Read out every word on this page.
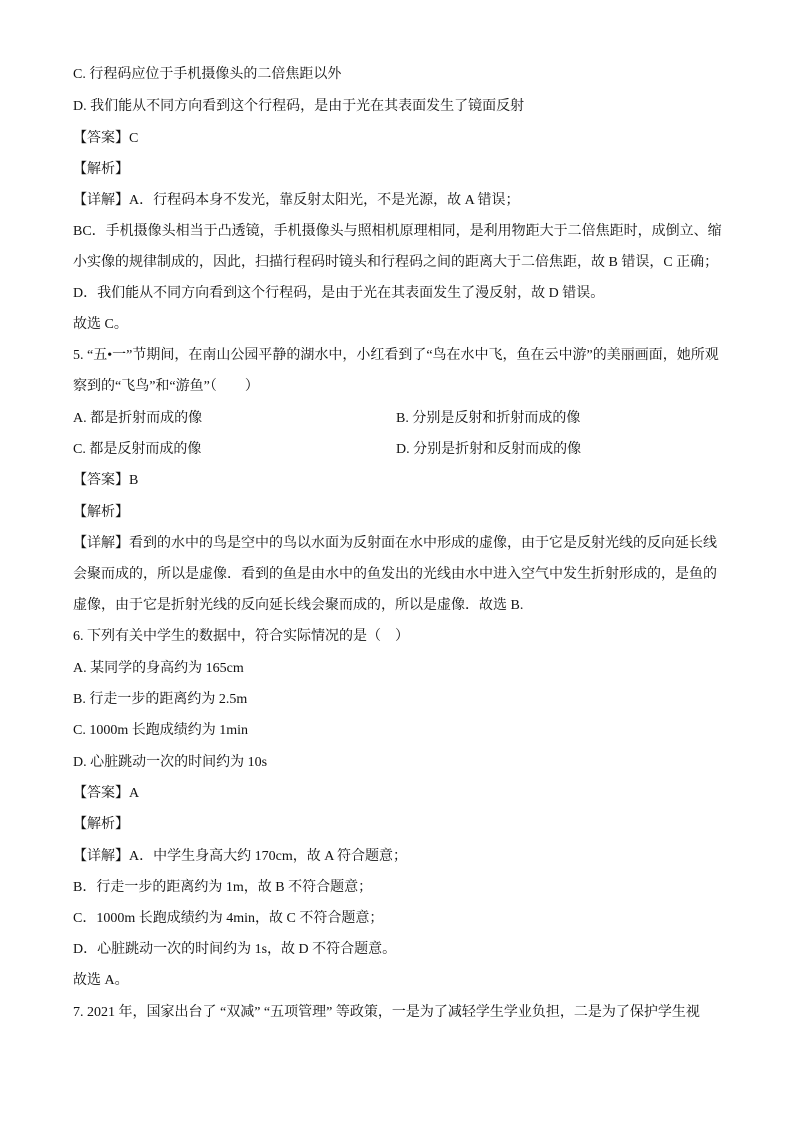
C. 行程码应位于手机摄像头的二倍焦距以外
D. 我们能从不同方向看到这个行程码，是由于光在其表面发生了镜面反射
【答案】C
【解析】
【详解】A．行程码本身不发光，靠反射太阳光，不是光源，故 A 错误；
BC．手机摄像头相当于凸透镜，手机摄像头与照相机原理相同，是利用物距大于二倍焦距时，成倒立、缩
小实像的规律制成的，因此，扫描行程码时镜头和行程码之间的距离大于二倍焦距，故 B 错误，C 正确；
D．我们能从不同方向看到这个行程码，是由于光在其表面发生了漫反射，故 D 错误。
故选 C。
5. “五•一”节期间，在南山公园平静的湖水中，小红看到了“鸟在水中飞，鱼在云中游”的美丽画面，她所观
察到的“飞鸟”和“游鱼”（　　）
A. 都是折射而成的像	B. 分别是反射和折射而成的像
C. 都是反射而成的像	D. 分别是折射和反射而成的像
【答案】B
【解析】
【详解】看到的水中的鸟是空中的鸟以水面为反射面在水中形成的虚像，由于它是反射光线的反向延长线
会聚而成的，所以是虚像．看到的鱼是由水中的鱼发出的光线由水中进入空气中发生折射形成的，是鱼的
虚像，由于它是折射光线的反向延长线会聚而成的，所以是虚像．故选 B.
6. 下列有关中学生的数据中，符合实际情况的是（　）
A. 某同学的身高约为 165cm
B. 行走一步的距离约为 2.5m
C. 1000m 长跑成绩约为 1min
D. 心脏跳动一次的时间约为 10s
【答案】A
【解析】
【详解】A．中学生身高大约 170cm，故 A 符合题意；
B．行走一步的距离约为 1m，故 B 不符合题意；
C．1000m 长跑成绩约为 4min，故 C 不符合题意；
D．心脏跳动一次的时间约为 1s，故 D 不符合题意。
故选 A。
7. 2021 年，国家出台了 “双减” “五项管理” 等政策，一是为了减轻学生学业负担，二是为了保护学生视
